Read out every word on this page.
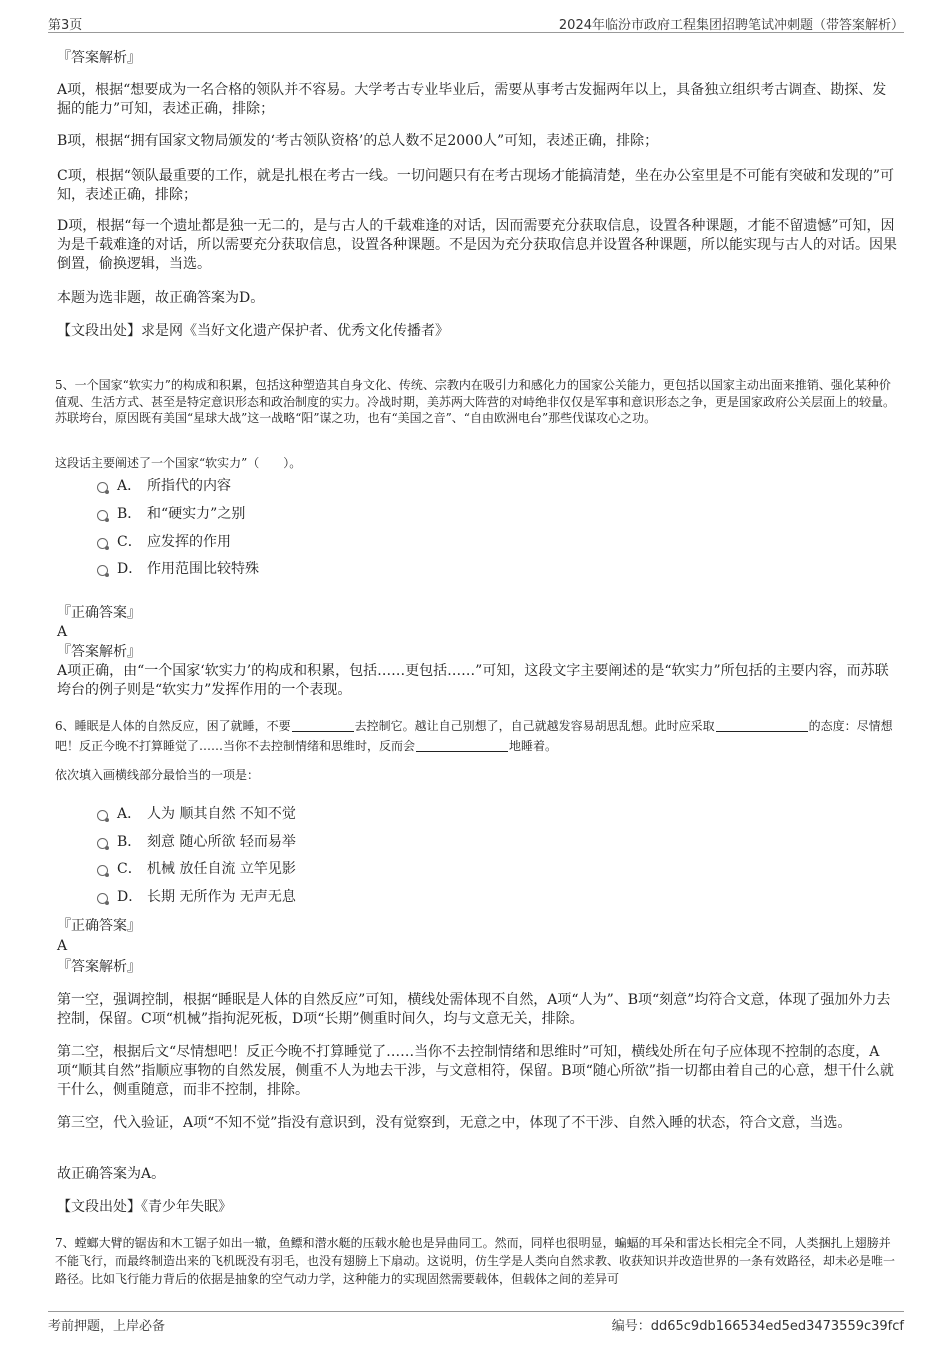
第3页	2024年临汾市政府工程集团招聘笔试冲刺题（带答案解析）
『答案解析』
A项，根据“想要成为一名合格的领队并不容易。大学考古专业毕业后，需要从事考古发掘两年以上，具备独立组织考古调查、勘探、发掘的能力”可知，表述正确，排除；
B项，根据“拥有国家文物局颁发的‘考古领队资格’的总人数不足2000人”可知，表述正确，排除；
C项，根据“领队最重要的工作，就是扎根在考古一线。一切问题只有在考古现场才能搞清楚，坐在办公室里是不可能有突破和发现的”可知，表述正确，排除；
D项，根据“每一个遗址都是独一无二的，是与古人的千载难逢的对话，因而需要充分获取信息，设置各种课题，才能不留遗憾”可知，因为是千载难逢的对话，所以需要充分获取信息，设置各种课题。不是因为充分获取信息并设置各种课题，所以能实现与古人的对话。因果倒置，偷换逻辑，当选。
本题为选非题，故正确答案为D。
【文段出处】求是网《当好文化遗产保护者、优秀文化传播者》
5、一个国家“软实力”的构成和积累，包括这种塑造其自身文化、传统、宗教内在吸引力和感化力的国家公关能力，更包括以国家主动出面来推销、强化某种价值观、生活方式、甚至是特定意识形态和政治制度的实力。冷战时期，美苏两大阵营的对峙绝非仅仅是军事和意识形态之争，更是国家政府公关层面上的较量。苏联垮台，原因既有美国“星球大战”这一战略“阳”谋之功，也有“美国之音”、“自由欧洲电台”那些伐谋攻心之功。
这段话主要阐述了一个国家“软实力”（　　）。
A． 所指代的内容
B． 和“硬实力”之别
C． 应发挥的作用
D． 作用范围比较特殊
『正确答案』
A
『答案解析』
A项正确，由“一个国家‘软实力’的构成和积累，包括……更包括……”可知，这段文字主要阐述的是“软实力”所包括的主要内容，而苏联垮台的例子则是“软实力”发挥作用的一个表现。
6、睡眠是人体的自然反应，困了就睡，不要	去控制它。越让自己别想了，自己就越发容易胡思乱想。此时应采取	的态度：尽情想吧！反正今晚不打算睡觉了……当你不去控制情绪和思维时，反而会	地睡着。
依次填入画横线部分最恰当的一项是：
A． 人为 顺其自然 不知不觉
B． 刻意 随心所欲 轻而易举
C． 机械 放任自流 立竿见影
D． 长期 无所作为 无声无息
『正确答案』
A
『答案解析』
第一空，强调控制，根据“睡眠是人体的自然反应”可知，横线处需体现不自然，A项“人为”、B项“刻意”均符合文意，体现了强加外力去控制，保留。C项“机械”指拘泥死板，D项“长期”侧重时间久，均与文意无关，排除。
第二空，根据后文“尽情想吧！反正今晚不打算睡觉了……当你不去控制情绪和思维时”可知，横线处所在句子应体现不控制的态度，A项“顺其自然”指顺应事物的自然发展，侧重不人为地去干涉，与文意相符，保留。B项“随心所欲”指一切都由着自己的心意，想干什么就干什么，侧重随意，而非不控制，排除。
第三空，代入验证，A项“不知不觉”指没有意识到，没有觉察到，无意之中，体现了不干涉、自然入睡的状态，符合文意，当选。
故正确答案为A。
【文段出处】《青少年失眠》
7、螳螂大臂的锯齿和木工锯子如出一辙，鱼鳔和潜水艇的压载水舱也是异曲同工。然而，同样也很明显，蝙蝠的耳朵和雷达长相完全不同，人类捆扎上翅膀并不能飞行，而最终制造出来的飞机既没有羽毛，也没有翅膀上下扇动。这说明，仿生学是人类向自然求教、收获知识并改造世界的一条有效路径，却未必是唯一路径。比如飞行能力背后的依据是抽象的空气动力学，这种能力的实现固然需要载体，但载体之间的差异可
考前押题，上岸必备	编号：dd65c9db166534ed5ed3473559c39fcf
